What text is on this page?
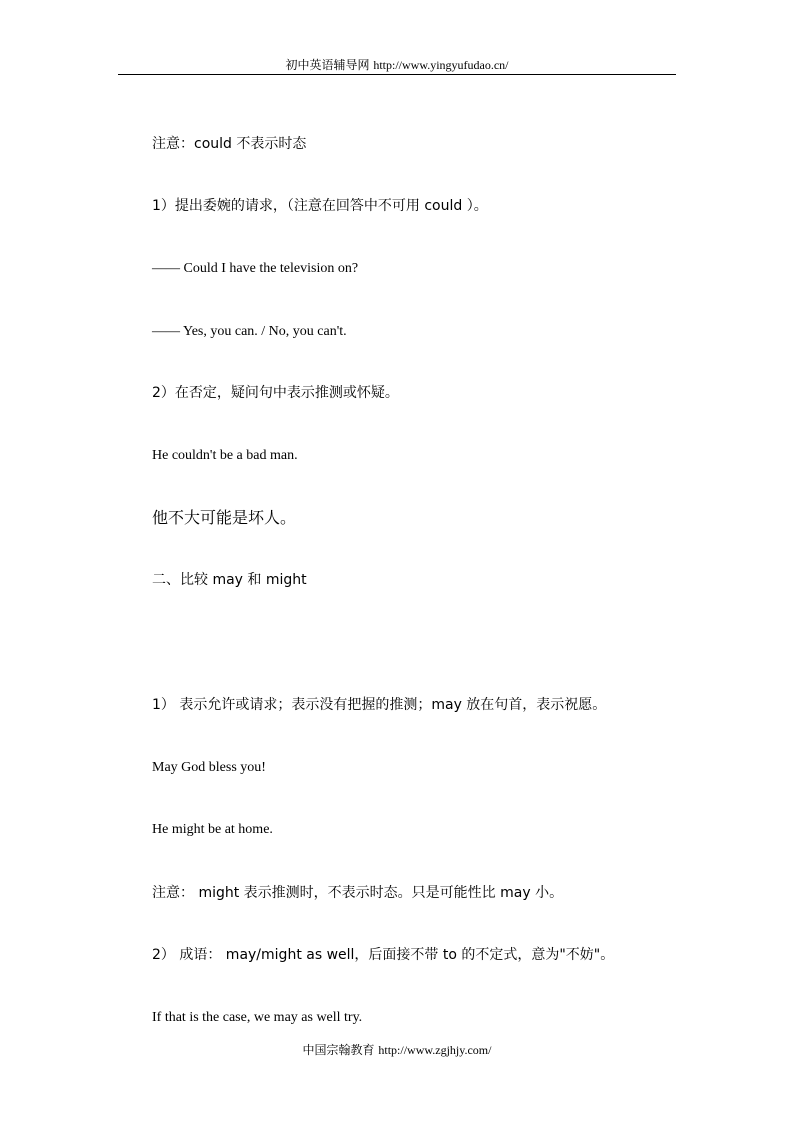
初中英语辅导网 http://www.yingyufudao.cn/
注意：could 不表示时态
1）提出委婉的请求，（注意在回答中不可用 could ）。
—— Could I have the television on?
—— Yes, you can. / No, you can't.
2）在否定，疑问句中表示推测或怀疑。
He couldn't be a bad man.
他不大可能是坏人。
二、比较 may 和 might
1） 表示允许或请求；表示没有把握的推测；may 放在句首，表示祝愿。
May God bless you!
He might be at home.
注意： might 表示推测时，不表示时态。只是可能性比 may 小。
2） 成语： may/might as well，后面接不带 to 的不定式，意为"不妨"。
If that is the case, we may as well try.
中国宗翰教育 http://www.zgjhjy.com/
